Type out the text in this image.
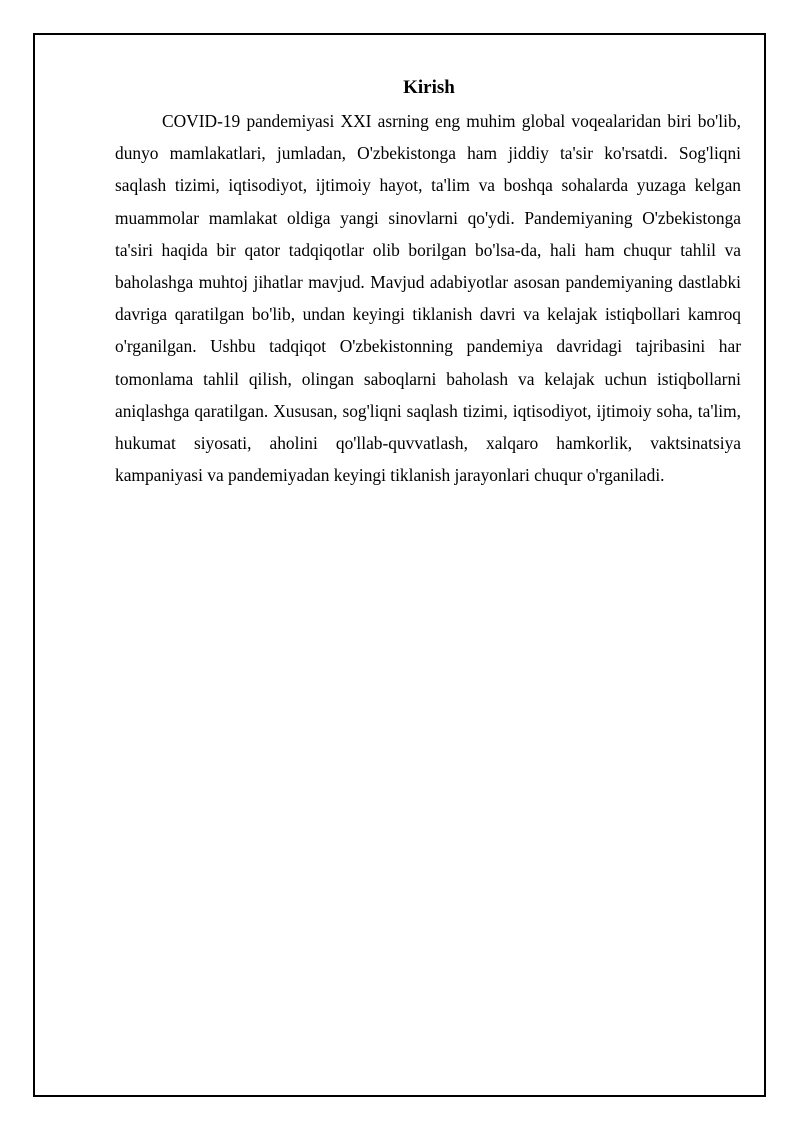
Kirish

COVID-19 pandemiyasi XXI asrning eng muhim global voqealaridan biri bo'lib, dunyo mamlakatlari, jumladan, O'zbekistonga ham jiddiy ta'sir ko'rsatdi. Sog'liqni saqlash tizimi, iqtisodiyot, ijtimoiy hayot, ta'lim va boshqa sohalarda yuzaga kelgan muammolar mamlakat oldiga yangi sinovlarni qo'ydi. Pandemiyaning O'zbekistonga ta'siri haqida bir qator tadqiqotlar olib borilgan bo'lsa-da, hali ham chuqur tahlil va baholashga muhtoj jihatlar mavjud. Mavjud adabiyotlar asosan pandemiyaning dastlabki davriga qaratilgan bo'lib, undan keyingi tiklanish davri va kelajak istiqbollari kamroq o'rganilgan. Ushbu tadqiqot O'zbekistonning pandemiya davridagi tajribasini har tomonlama tahlil qilish, olingan saboqlarni baholash va kelajak uchun istiqbollarni aniqlashga qaratilgan. Xususan, sog'liqni saqlash tizimi, iqtisodiyot, ijtimoiy soha, ta'lim, hukumat siyosati, aholini qo'llab-quvvatlash, xalqaro hamkorlik, vaktsinatsiya kampaniyasi va pandemiyadan keyingi tiklanish jarayonlari chuqur o'rganiladi.
